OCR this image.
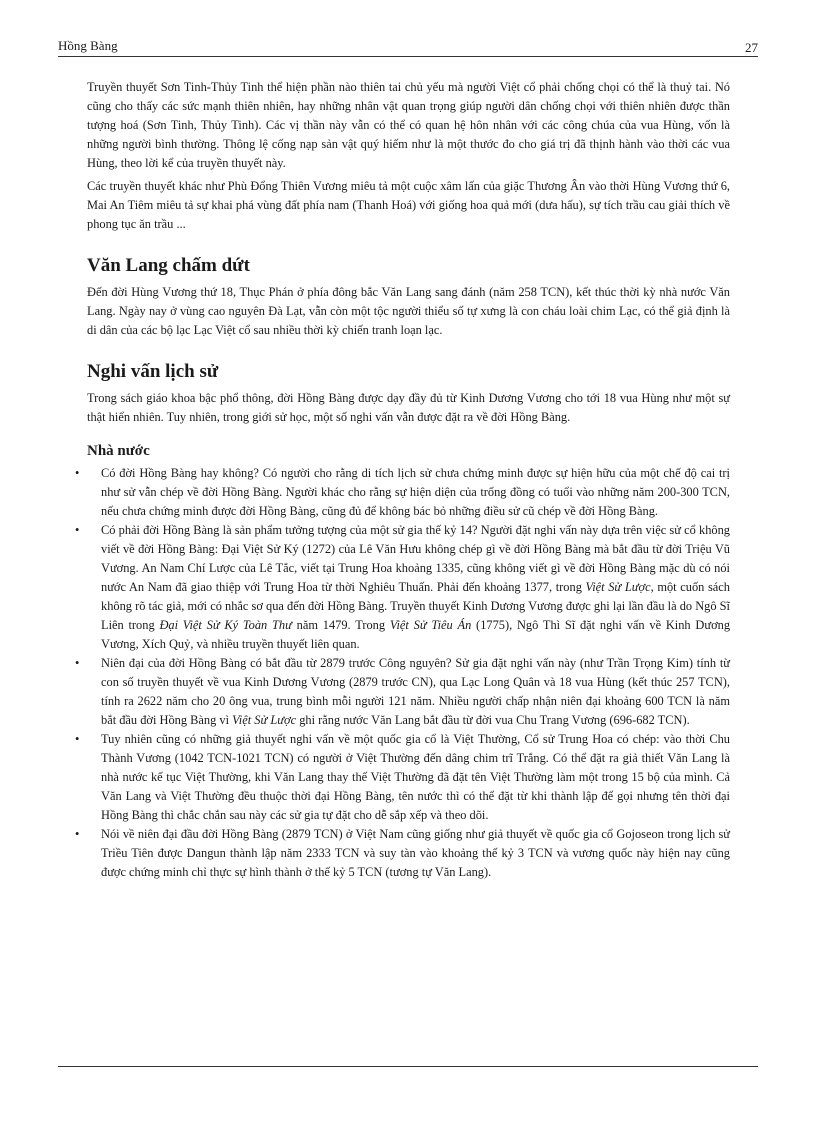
Hồng Bàng	27

Truyền thuyết Sơn Tinh-Thủy Tinh thể hiện phần nào thiên tai chủ yếu mà người Việt cổ phải chống chọi có thể là thuỷ tai. Nó cũng cho thấy các sức mạnh thiên nhiên, hay những nhân vật quan trọng giúp người dân chống chọi với thiên nhiên được thần tượng hoá (Sơn Tinh, Thủy Tinh). Các vị thần này vẫn có thể có quan hệ hôn nhân với các công chúa của vua Hùng, vốn là những người bình thường. Thông lệ cống nạp sản vật quý hiếm như là một thước đo cho giá trị đã thịnh hành vào thời các vua Hùng, theo lời kể của truyền thuyết này.

Các truyền thuyết khác như Phù Đổng Thiên Vương miêu tả một cuộc xâm lấn của giặc Thương Ân vào thời Hùng Vương thứ 6, Mai An Tiêm miêu tả sự khai phá vùng đất phía nam (Thanh Hoá) với giống hoa quả mới (dưa hấu), sự tích trầu cau giải thích về phong tục ăn trầu ...

Văn Lang chấm dứt

Đến đời Hùng Vương thứ 18, Thục Phán ở phía đông bắc Văn Lang sang đánh (năm 258 TCN), kết thúc thời kỳ nhà nước Văn Lang. Ngày nay ở vùng cao nguyên Đà Lạt, vẫn còn một tộc người thiểu số tự xưng là con cháu loài chim Lạc, có thể giả định là di dân của các bộ lạc Lạc Việt cổ sau nhiều thời kỳ chiến tranh loạn lạc.

Nghi vấn lịch sử

Trong sách giáo khoa bậc phổ thông, đời Hồng Bàng được dạy đầy đủ từ Kinh Dương Vương cho tới 18 vua Hùng như một sự thật hiển nhiên. Tuy nhiên, trong giới sử học, một số nghi vấn vẫn được đặt ra về đời Hồng Bàng.

Nhà nước
• Có đời Hồng Bàng hay không? Có người cho rằng di tích lịch sử chưa chứng minh được sự hiện hữu của một chế độ cai trị như sử vẫn chép về đời Hồng Bàng. Người khác cho rằng sự hiện diện của trống đồng có tuổi vào những năm 200-300 TCN, nếu chưa chứng minh được đời Hồng Bàng, cũng đủ để không bác bỏ những điều sử cũ chép về đời Hồng Bàng.
• Có phải đời Hồng Bàng là sản phẩm tưởng tượng của một sử gia thế kỷ 14? Người đặt nghi vấn này dựa trên việc sử cổ không viết về đời Hồng Bàng: Đại Việt Sử Ký (1272) của Lê Văn Hưu không chép gì về đời Hồng Bàng mà bắt đầu từ đời Triệu Vũ Vương. An Nam Chí Lược của Lê Tắc, viết tại Trung Hoa khoảng 1335, cũng không viết gì về đời Hồng Bàng mặc dù có nói nước An Nam đã giao thiệp với Trung Hoa từ thời Nghiêu Thuấn. Phải đến khoảng 1377, trong Việt Sử Lược, một cuốn sách không rõ tác giả, mới có nhắc sơ qua đến đời Hồng Bàng. Truyền thuyết Kinh Dương Vương được ghi lại lần đầu là do Ngô Sĩ Liên trong Đại Việt Sử Ký Toàn Thư năm 1479. Trong Việt Sử Tiêu Án (1775), Ngô Thì Sĩ đặt nghi vấn về Kinh Dương Vương, Xích Quỷ, và nhiều truyền thuyết liên quan.
• Niên đại của đời Hồng Bàng có bắt đầu từ 2879 trước Công nguyên? Sử gia đặt nghi vấn này (như Trần Trọng Kim) tính từ con số truyền thuyết về vua Kinh Dương Vương (2879 trước CN), qua Lạc Long Quân và 18 vua Hùng (kết thúc 257 TCN), tính ra 2622 năm cho 20 ông vua, trung bình mỗi người 121 năm. Nhiều người chấp nhận niên đại khoảng 600 TCN là năm bắt đầu đời Hồng Bàng vì Việt Sử Lược ghi rằng nước Văn Lang bắt đầu từ đời vua Chu Trang Vương (696-682 TCN).
• Tuy nhiên cũng có những giả thuyết nghi vấn về một quốc gia cổ là Việt Thường, Cổ sử Trung Hoa có chép: vào thời Chu Thành Vương (1042 TCN-1021 TCN) có người ở Việt Thường đến dâng chim trĩ Trắng. Có thể đặt ra giả thiết Văn Lang là nhà nước kế tục Việt Thường, khi Văn Lang thay thế Việt Thường đã đặt tên Việt Thường làm một trong 15 bộ của mình. Cả Văn Lang và Việt Thường đều thuộc thời đại Hồng Bàng, tên nước thì có thể đặt từ khi thành lập để gọi nhưng tên thời đại Hồng Bàng thì chắc chắn sau này các sử gia tự đặt cho dễ sắp xếp và theo dõi.
• Nói về niên đại đầu đời Hồng Bàng (2879 TCN) ở Việt Nam cũng giống như giả thuyết về quốc gia cổ Gojoseon trong lịch sử Triều Tiên được Dangun thành lập năm 2333 TCN và suy tàn vào khoảng thế kỷ 3 TCN và vương quốc này hiện nay cũng được chứng minh chỉ thực sự hình thành ở thế kỷ 5 TCN (tương tự Văn Lang).
